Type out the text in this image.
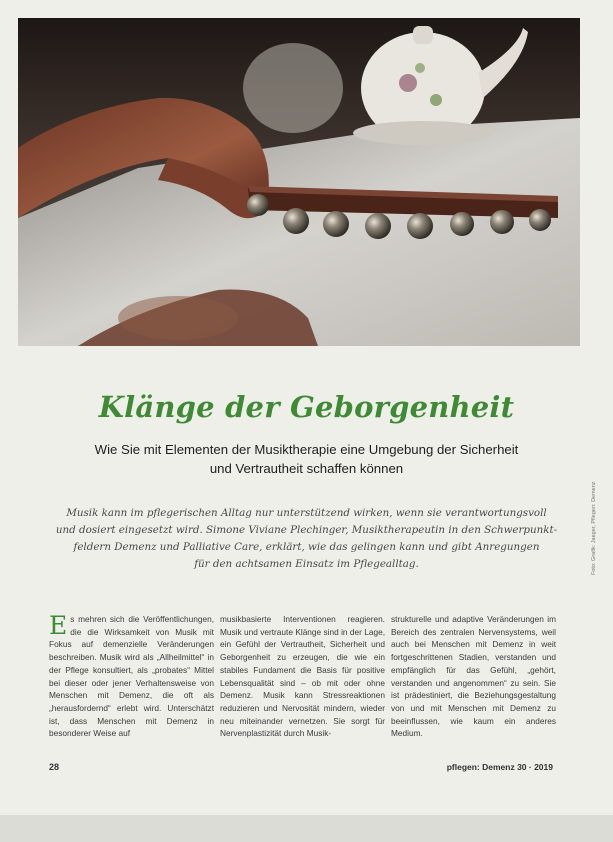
Klänge der Geborgenheit
Wie Sie mit Elementen der Musiktherapie eine Umgebung der Sicherheit
und Vertrautheit schaffen können
Musik kann im pflegerischen Alltag nur unterstützend wirken, wenn sie verantwortungsvoll
und dosiert eingesetzt wird. Simone Viviane Plechinger, Musiktherapeutin in den Schwerpunkt-
feldern Demenz und Palliative Care, erklärt, wie das gelingen kann und gibt Anregungen
für den achtsamen Einsatz im Pflegealltag.

E s mehren sich die Veröffentlichungen, die die Wirksamkeit von Musik mit Fokus auf demenzielle Veränderungen beschreiben. Musik wird als „Allheilmittel“ in der Pflege konsultiert, als „probates“ Mittel bei dieser oder jener Verhaltensweise von Menschen mit Demenz, die oft als „herausfordernd“ erlebt wird. Unterschätzt ist, dass Menschen mit Demenz in besonderer Weise auf

musikbasierte Interventionen reagieren. Musik und vertraute Klänge sind in der Lage, ein Gefühl der Vertrautheit, Sicherheit und Geborgenheit zu erzeugen, die wie ein stabiles Fundament die Basis für positive Lebensqualität sind – ob mit oder ohne Demenz. Musik kann Stressreaktionen reduzieren und Nervosität mindern, wieder neu miteinander vernetzen. Sie sorgt für Nervenplastizität durch Musik-

strukturelle und adaptive Veränderungen im Bereich des zentralen Nervensystems, weil auch bei Menschen mit Demenz in weit fortgeschrittenen Stadien, verstanden und empfänglich für das Gefühl, „gehört, verstanden und angenommen“ zu sein. Sie ist prädestiniert, die Beziehungsgestaltung von und mit Menschen mit Demenz zu beeinflussen, wie kaum ein anderes Medium.

Foto: Grafik: Jaeger, Pflegen: Demenz
28	pflegen: Demenz 30 · 2019
